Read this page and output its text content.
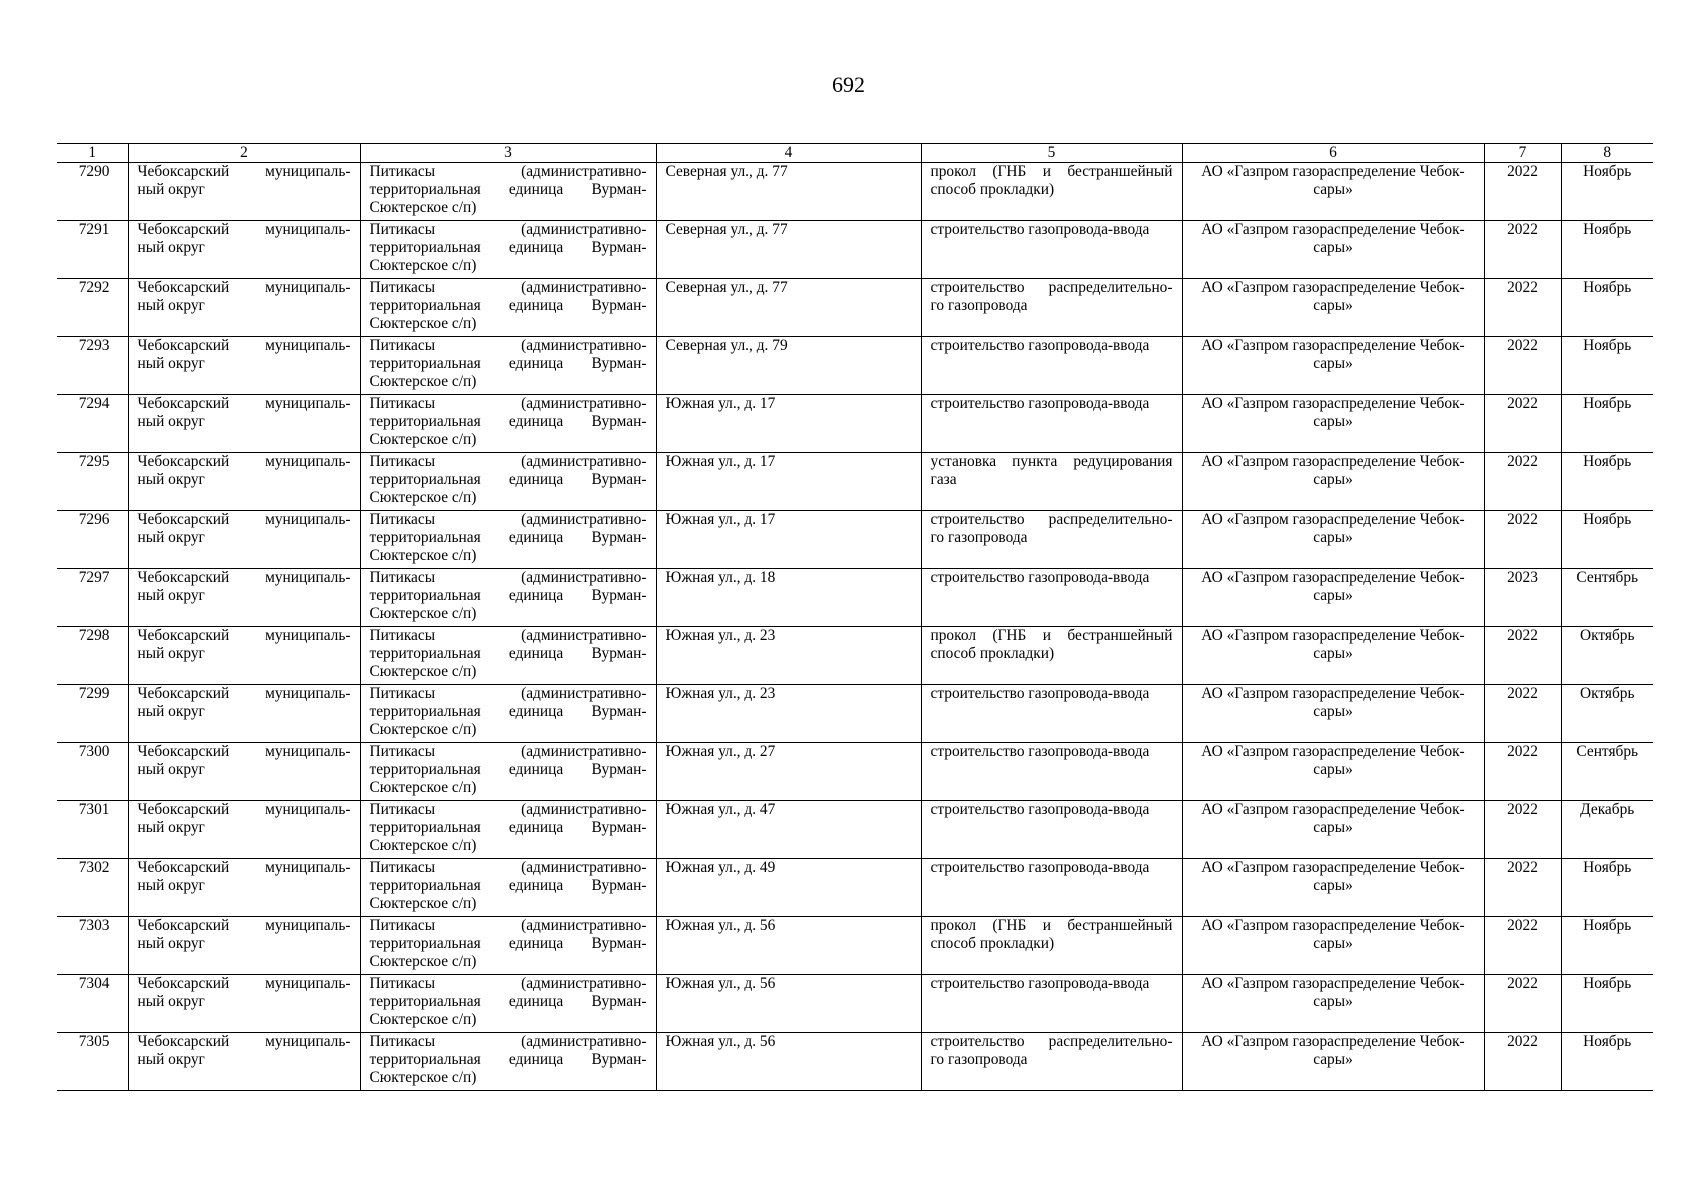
692
1	2	3	4	5	6	7	8
7290	Чебоксарский муниципаль-
ный округ	Питикасы (административно-
территориальная единица Вурман-
Сюктерское с/п)	Северная ул., д. 77	прокол (ГНБ и бестраншейный
способ прокладки)	АО «Газпром газораспределение Чебок-
сары»	2022	Ноябрь
7291	Чебоксарский муниципаль-
ный округ	Питикасы (административно-
территориальная единица Вурман-
Сюктерское с/п)	Северная ул., д. 77	строительство газопровода-ввода	АО «Газпром газораспределение Чебок-
сары»	2022	Ноябрь
7292	Чебоксарский муниципаль-
ный округ	Питикасы (административно-
территориальная единица Вурман-
Сюктерское с/п)	Северная ул., д. 77	строительство распределительно-
го газопровода	АО «Газпром газораспределение Чебок-
сары»	2022	Ноябрь
7293	Чебоксарский муниципаль-
ный округ	Питикасы (административно-
территориальная единица Вурман-
Сюктерское с/п)	Северная ул., д. 79	строительство газопровода-ввода	АО «Газпром газораспределение Чебок-
сары»	2022	Ноябрь
7294	Чебоксарский муниципаль-
ный округ	Питикасы (административно-
территориальная единица Вурман-
Сюктерское с/п)	Южная ул., д. 17	строительство газопровода-ввода	АО «Газпром газораспределение Чебок-
сары»	2022	Ноябрь
7295	Чебоксарский муниципаль-
ный округ	Питикасы (административно-
территориальная единица Вурман-
Сюктерское с/п)	Южная ул., д. 17	установка пункта редуцирования
газа	АО «Газпром газораспределение Чебок-
сары»	2022	Ноябрь
7296	Чебоксарский муниципаль-
ный округ	Питикасы (административно-
территориальная единица Вурман-
Сюктерское с/п)	Южная ул., д. 17	строительство распределительно-
го газопровода	АО «Газпром газораспределение Чебок-
сары»	2022	Ноябрь
7297	Чебоксарский муниципаль-
ный округ	Питикасы (административно-
территориальная единица Вурман-
Сюктерское с/п)	Южная ул., д. 18	строительство газопровода-ввода	АО «Газпром газораспределение Чебок-
сары»	2023	Сентябрь
7298	Чебоксарский муниципаль-
ный округ	Питикасы (административно-
территориальная единица Вурман-
Сюктерское с/п)	Южная ул., д. 23	прокол (ГНБ и бестраншейный
способ прокладки)	АО «Газпром газораспределение Чебок-
сары»	2022	Октябрь
7299	Чебоксарский муниципаль-
ный округ	Питикасы (административно-
территориальная единица Вурман-
Сюктерское с/п)	Южная ул., д. 23	строительство газопровода-ввода	АО «Газпром газораспределение Чебок-
сары»	2022	Октябрь
7300	Чебоксарский муниципаль-
ный округ	Питикасы (административно-
территориальная единица Вурман-
Сюктерское с/п)	Южная ул., д. 27	строительство газопровода-ввода	АО «Газпром газораспределение Чебок-
сары»	2022	Сентябрь
7301	Чебоксарский муниципаль-
ный округ	Питикасы (административно-
территориальная единица Вурман-
Сюктерское с/п)	Южная ул., д. 47	строительство газопровода-ввода	АО «Газпром газораспределение Чебок-
сары»	2022	Декабрь
7302	Чебоксарский муниципаль-
ный округ	Питикасы (административно-
территориальная единица Вурман-
Сюктерское с/п)	Южная ул., д. 49	строительство газопровода-ввода	АО «Газпром газораспределение Чебок-
сары»	2022	Ноябрь
7303	Чебоксарский муниципаль-
ный округ	Питикасы (административно-
территориальная единица Вурман-
Сюктерское с/п)	Южная ул., д. 56	прокол (ГНБ и бестраншейный
способ прокладки)	АО «Газпром газораспределение Чебок-
сары»	2022	Ноябрь
7304	Чебоксарский муниципаль-
ный округ	Питикасы (административно-
территориальная единица Вурман-
Сюктерское с/п)	Южная ул., д. 56	строительство газопровода-ввода	АО «Газпром газораспределение Чебок-
сары»	2022	Ноябрь
7305	Чебоксарский муниципаль-
ный округ	Питикасы (административно-
территориальная единица Вурман-
Сюктерское с/п)	Южная ул., д. 56	строительство распределительно-
го газопровода	АО «Газпром газораспределение Чебок-
сары»	2022	Ноябрь
